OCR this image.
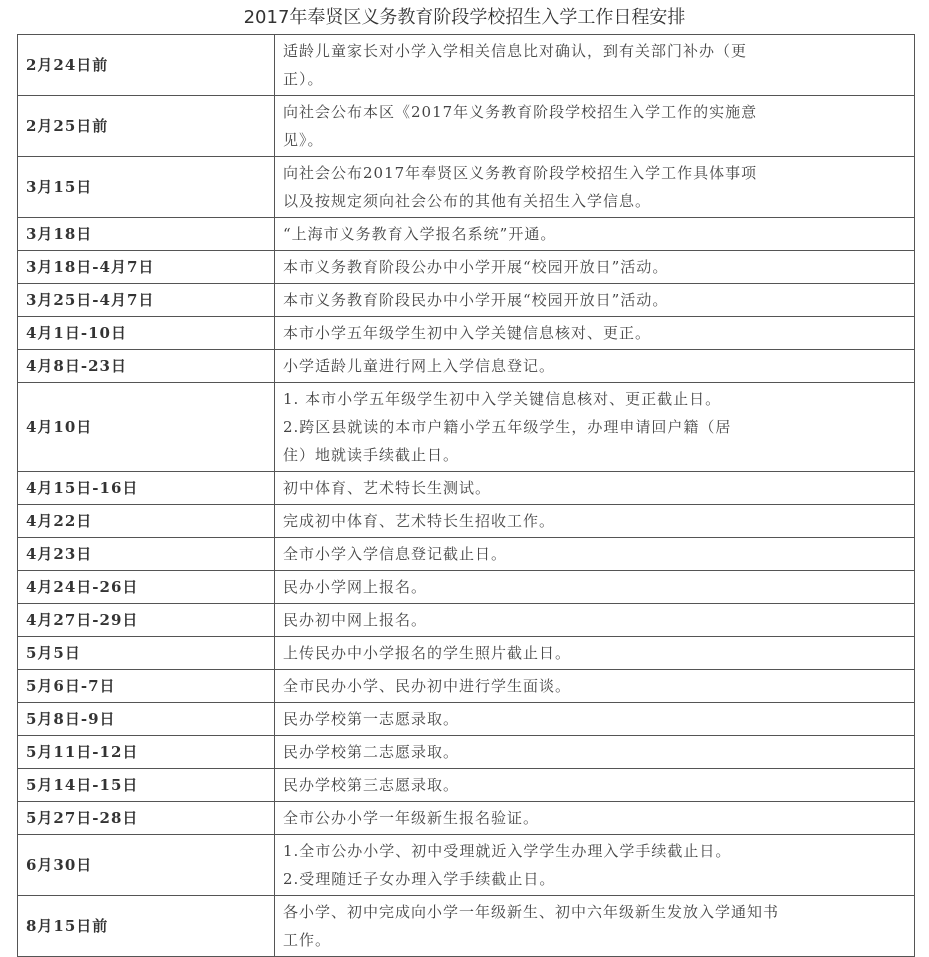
2017年奉贤区义务教育阶段学校招生入学工作日程安排
2月24日前	适龄儿童家长对小学入学相关信息比对确认，到有关部门补办（更
正）。

2月25日前	向社会公布本区《2017年义务教育阶段学校招生入学工作的实施意
见》。

3月15日	向社会公布2017年奉贤区义务教育阶段学校招生入学工作具体事项
以及按规定须向社会公布的其他有关招生入学信息。

3月18日	“上海市义务教育入学报名系统”开通。

3月18日-4月7日	本市义务教育阶段公办中小学开展“校园开放日”活动。

3月25日-4月7日	本市义务教育阶段民办中小学开展“校园开放日”活动。

4月1日-10日	本市小学五年级学生初中入学关键信息核对、更正。

4月8日-23日	小学适龄儿童进行网上入学信息登记。

4月10日	1. 本市小学五年级学生初中入学关键信息核对、更正截止日。
2.跨区县就读的本市户籍小学五年级学生，办理申请回户籍（居
住）地就读手续截止日。

4月15日-16日	初中体育、艺术特长生测试。

4月22日	完成初中体育、艺术特长生招收工作。

4月23日	全市小学入学信息登记截止日。

4月24日-26日	民办小学网上报名。

4月27日-29日	民办初中网上报名。

5月5日	上传民办中小学报名的学生照片截止日。

5月6日-7日	全市民办小学、民办初中进行学生面谈。

5月8日-9日	民办学校第一志愿录取。

5月11日-12日	民办学校第二志愿录取。

5月14日-15日	民办学校第三志愿录取。

5月27日-28日	全市公办小学一年级新生报名验证。

6月30日	1.全市公办小学、初中受理就近入学学生办理入学手续截止日。
2.受理随迁子女办理入学手续截止日。

8月15日前	各小学、初中完成向小学一年级新生、初中六年级新生发放入学通知书
工作。
